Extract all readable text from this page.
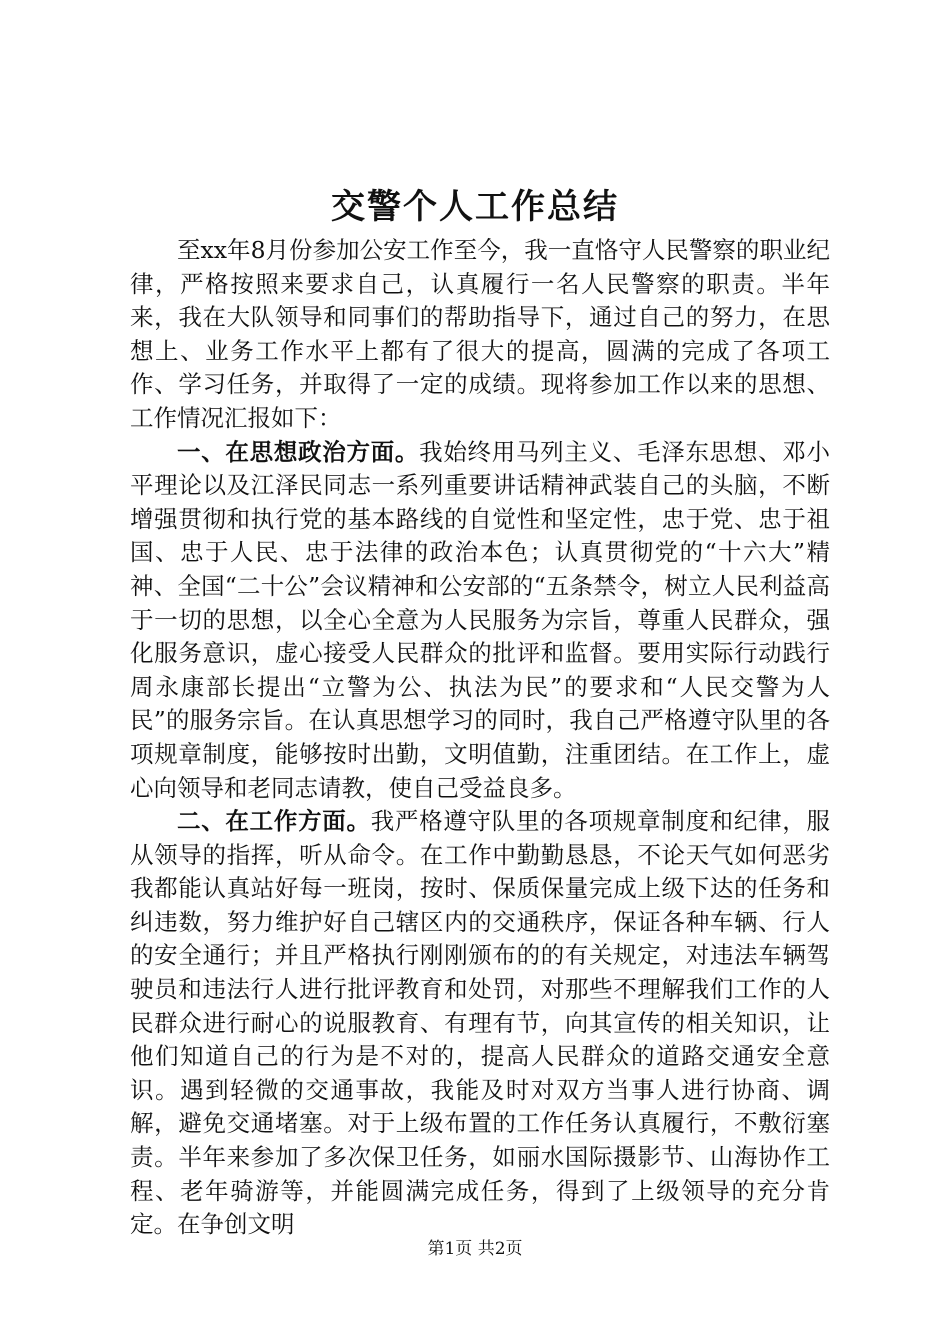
交警个人工作总结

至xx年8月份参加公安工作至今，我一直恪守人民警察的职业纪律，严格按照来要求自己，认真履行一名人民警察的职责。半年来，我在大队领导和同事们的帮助指导下，通过自己的努力，在思想上、业务工作水平上都有了很大的提高，圆满的完成了各项工作、学习任务，并取得了一定的成绩。现将参加工作以来的思想、工作情况汇报如下：

一、在思想政治方面。我始终用马列主义、毛泽东思想、邓小平理论以及江泽民同志一系列重要讲话精神武装自己的头脑，不断增强贯彻和执行党的基本路线的自觉性和坚定性，忠于党、忠于祖国、忠于人民、忠于法律的政治本色；认真贯彻党的“十六大”精神、全国“二十公”会议精神和公安部的“五条禁令，树立人民利益高于一切的思想，以全心全意为人民服务为宗旨，尊重人民群众，强化服务意识，虚心接受人民群众的批评和监督。要用实际行动践行周永康部长提出“立警为公、执法为民”的要求和“人民交警为人民”的服务宗旨。在认真思想学习的同时，我自己严格遵守队里的各项规章制度，能够按时出勤，文明值勤，注重团结。在工作上，虚心向领导和老同志请教，使自己受益良多。

二、在工作方面。我严格遵守队里的各项规章制度和纪律，服从领导的指挥，听从命令。在工作中勤勤恳恳，不论天气如何恶劣我都能认真站好每一班岗，按时、保质保量完成上级下达的任务和纠违数，努力维护好自己辖区内的交通秩序，保证各种车辆、行人的安全通行；并且严格执行刚刚颁布的的有关规定，对违法车辆驾驶员和违法行人进行批评教育和处罚，对那些不理解我们工作的人民群众进行耐心的说服教育、有理有节，向其宣传的相关知识，让他们知道自己的行为是不对的，提高人民群众的道路交通安全意识。遇到轻微的交通事故，我能及时对双方当事人进行协商、调解，避免交通堵塞。对于上级布置的工作任务认真履行，不敷衍塞责。半年来参加了多次保卫任务，如丽水国际摄影节、山海协作工程、老年骑游等，并能圆满完成任务，得到了上级领导的充分肯定。在争创文明

第1页 共2页
